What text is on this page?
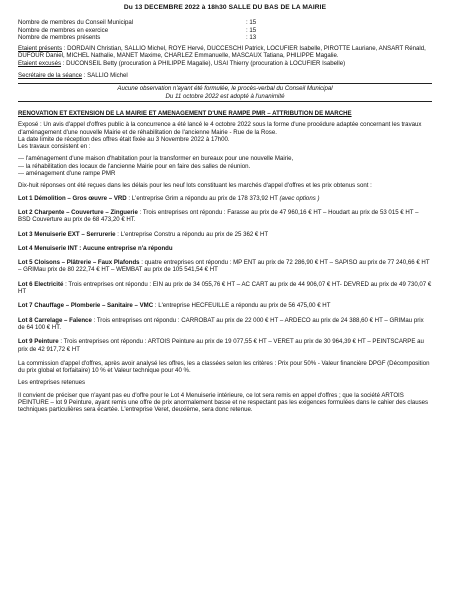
Du 13 DECEMBRE 2022 à 18h30 SALLE DU BAS DE LA MAIRIE
Nombre de membres du Conseil Municipal	: 15
Nombre de membres en exercice	: 15
Nombre de membres présents	: 13

Etaient présents : DORDAIN Christian, SALLIO Michel, ROYE Hervé, DUCCESCHI Patrick, LOCUFIER Isabelle, PIROTTE Lauriane, ANSART Rénald, DUFOUR Daniel, MICHEL Nathalie, MANET Maxime, CHARLEZ Emmanuelle, MASCAUX Tatiana, PHILIPPE Magalie.

Etaient excusés : DUCONSEIL Betty (procuration à PHILIPPE Magalie), USAI Thierry (procuration à LOCUFIER Isabelle)

Secrétaire de la séance : SALLIO Michel

Aucune observation n'ayant été formulée, le procès-verbal du Conseil Municipal
Du 11 octobre 2022 est adopté à l'unanimité
RENOVATION ET EXTENSION DE LA MAIRIE ET AMENAGEMENT D'UNE RAMPE PMR – ATTRIBUTION DE MARCHE

Exposé : Un avis d'appel d'offres public à la concurrence a été lancé le 4 octobre 2022 sous la forme d'une procédure adaptée concernant les travaux d'aménagement d'une nouvelle Mairie et de réhabilitation de l'ancienne Mairie - Rue de la Rose.

La date limite de réception des offres était fixée au 3 Novembre 2022 à 17h00.

Les travaux consistent en :

--- l'aménagement d'une maison d'habitation pour la transformer en bureaux pour une nouvelle Mairie,
--- la réhabilitation des locaux de l'ancienne Mairie pour en faire des salles de réunion.
--- aménagement d'une rampe PMR

Dix-huit réponses ont été reçues dans les délais pour les neuf lots constituant les marchés d'appel d'offres et les prix obtenus sont :

Lot 1 Démolition – Gros œuvre – VRD : L'entreprise Grim a répondu au prix de 178 373,92 HT (avec options )

Lot 2 Charpente – Couverture – Zinguerie : Trois entreprises ont répondu : Farasse au prix de 47 960,16 € HT – Houdart au prix de 53 015 € HT – BSD Couverture au prix de 68 473,20 € HT.

Lot 3 Menuiserie EXT – Serrurerie : L'entreprise Constru a répondu au prix de 25 362 € HT

Lot 4 Menuiserie INT : Aucune entreprise n'a répondu

Lot 5 Cloisons – Plâtrerie – Faux Plafonds : quatre entreprises ont répondu : MP ENT au prix de 72 286,90 € HT – SAPISO au prix de 77 240,66 € HT – GRIMau prix de 80 222,74 € HT – WEMBAT au prix de 105 541,54 € HT

Lot 6 Electricité : Trois entreprises ont répondu : EIN au prix de 34 055,76 € HT – AC CART au prix de 44 906,07 € HT- DEVRED au prix de 49 730,07 € HT

Lot 7 Chauffage – Plomberie – Sanitaire – VMC : L'entreprise HECFEUILLE a répondu au prix de 56 475,00 € HT

Lot 8 Carrelage – Faïence : Trois entreprises ont répondu : CARROBAT au prix de 22 000 € HT – ARDECO au prix de 24 388,60 € HT – GRIMau prix de 64 100 € HT.

Lot 9 Peinture : Trois entreprises ont répondu : ARTOIS Peinture au prix de 19 077,55 € HT – VERET au prix de 30 964,39 € HT – PEINTSCARPE au prix de 42 917,72 € HT

La commission d'appel d'offres, après avoir analysé les offres, les a classées selon les critères : Prix pour 50% - Valeur financière DPGF (Décomposition du prix global et forfaitaire) 10 % et Valeur technique pour 40 %.

Les entreprises retenues

Il convient de préciser que n'ayant pas eu d'offre pour le Lot 4 Menuiserie intérieure, ce lot sera remis en appel d'offres ; que la société ARTOIS PEINTURE – lot 9 Peinture, ayant remis une offre de prix anormalement basse et ne respectant pas les exigences formulées dans le cahier des clauses techniques particulières sera écartée. L'entreprise Veret, deuxième, sera donc retenue.
